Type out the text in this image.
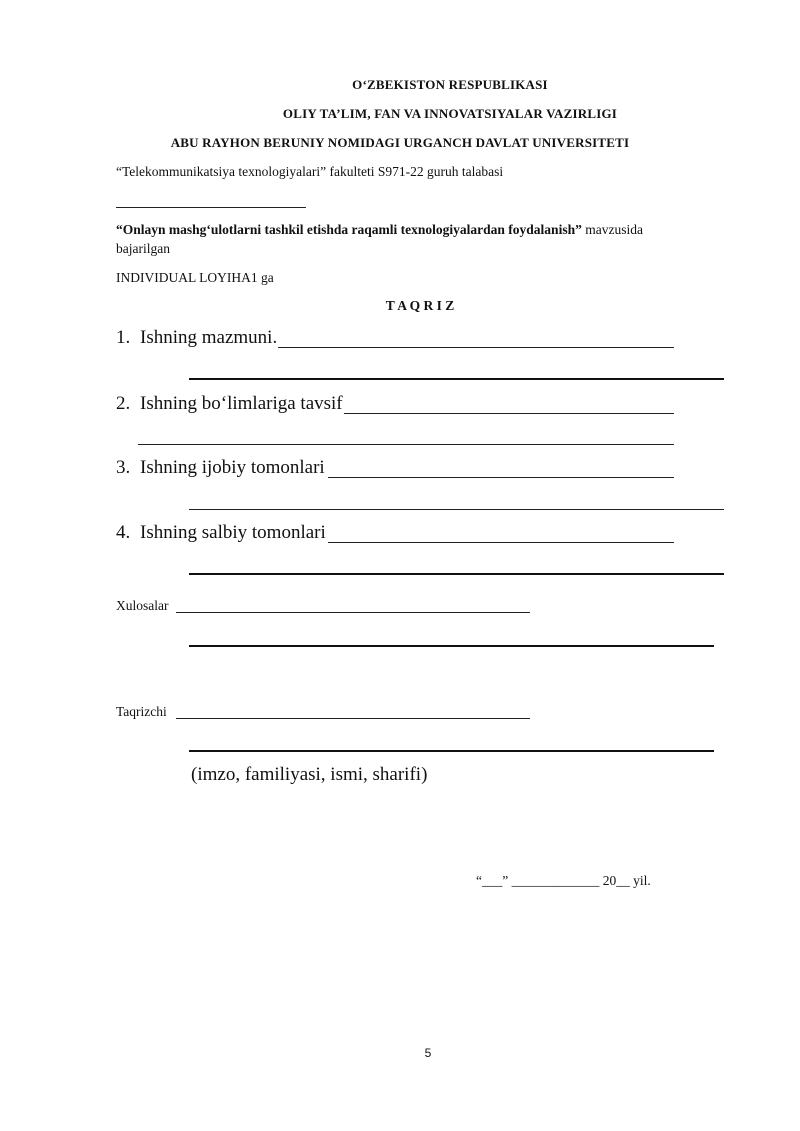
O‘ZBEKISTON RESPUBLIKASI
OLIY TA’LIM, FAN VA INNOVATSIYALAR VAZIRLIGI
ABU RAYHON BERUNIY NOMIDAGI URGANCH DAVLAT UNIVERSITETI
“Telekommunikatsiya texnologiyalari” fakulteti S971-22 guruh talabasi
“Onlayn mashg‘ulotlarni tashkil etishda raqamli texnologiyalardan foydalanish” mavzusida
bajarilgan
INDIVIDUAL LOYIHA1 ga
T A Q R I Z
1. Ishning mazmuni.
2. Ishning bo‘limlariga tavsif
3. Ishning ijobiy tomonlari
4. Ishning salbiy tomonlari
Xulosalar
Taqrizchi
(imzo, familiyasi, ismi, sharifi)
“___” _____________ 20__ yil.
5
